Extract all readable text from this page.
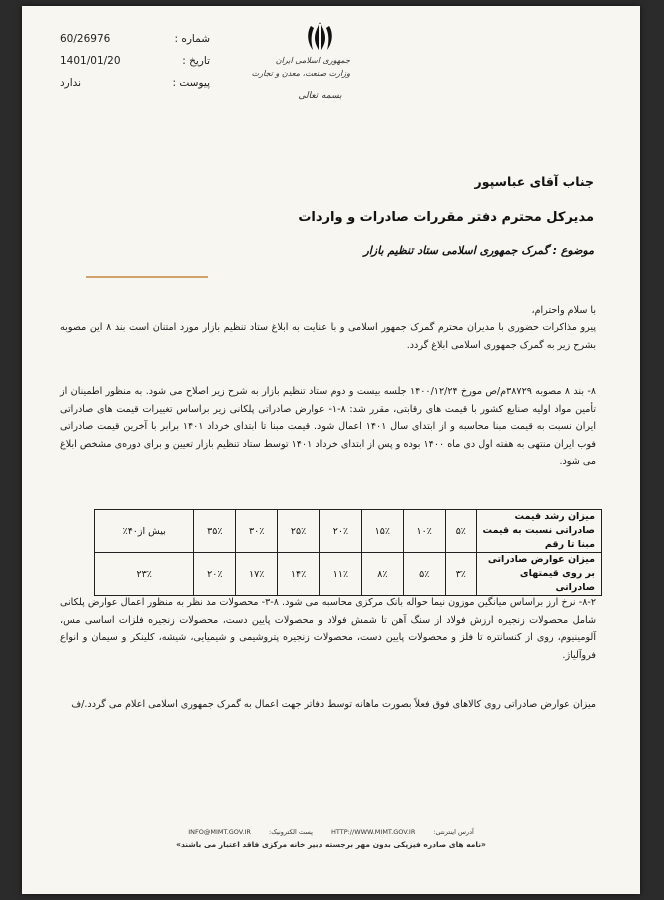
شماره :
60/26976
تاریخ :
1401/01/20
پیوست :
ندارد
جمهوری اسلامی ایران
وزارت صنعت، معدن و تجارت
بسمه تعالی
جناب آقای عباسپور
مدیرکل محترم دفتر مقررات صادرات و واردات
موضوع : گمرک جمهوری اسلامی ستاد تنظیم بازار
با سلام واحترام،
پیرو مذاکرات حضوری با مدیران محترم گمرک جمهور اسلامی و با عنایت به ابلاغ ستاد تنظیم بازار مورد امتنان است بند ۸ این مصوبه بشرح زیر به گمرک جمهوری اسلامی ابلاغ گردد.
۸- بند ۸ مصوبه ۳۸۷۲۹م/ص مورخ ۱۴۰۰/۱۲/۲۴ جلسه بیست و دوم ستاد تنظیم بازار به شرح زیر اصلاح می شود. به منظور اطمینان از تأمین مواد اولیه صنایع کشور با قیمت های رقابتی، مقرر شد: ۸-۱- عوارض صادراتی پلکانی زیر براساس تغییرات قیمت های صادراتی ایران نسبت به قیمت مبنا محاسبه و از ابتدای سال ۱۴۰۱ اعمال شود. قیمت مبنا تا ابتدای خرداد ۱۴۰۱ برابر با آخرین قیمت صادراتی فوب ایران منتهی به هفته اول دی ماه ۱۴۰۰ بوده و پس از ابتدای خرداد ۱۴۰۱ توسط ستاد تنظیم بازار تعیین و برای دوره‌ی مشخص ابلاغ می شود.
میزان رشد قیمت صادراتی نسبت به قیمت مبنا تا رقم	۵٪	۱۰٪	۱۵٪	۲۰٪	۲۵٪	۳۰٪	۳۵٪	بیش از۴۰٪
میزان عوارض صادراتی بر روی قیمتهای صادراتی	۳٪	۵٪	۸٪	۱۱٪	۱۴٪	۱۷٪	۲۰٪	۲۳٪
۸-۲- نرخ ارز براساس میانگین موزون نیما حواله بانک مرکزی محاسبه می شود. ۸-۳- محصولات مد نظر به منظور اعمال عوارض پلکانی شامل محصولات زنجیره ارزش فولاد از سنگ آهن تا شمش فولاد و محصولات پایین دست، محصولات زنجیره فلزات اساسی مس، آلومینیوم، روی از کنسانتره تا فلز و محصولات پایین دست، محصولات زنجیره پتروشیمی و شیمیایی، شیشه، کلینکر و سیمان و انواع فروآلیاژ.
میزان عوارض صادراتی روی کالاهای فوق فعلاً بصورت ماهانه توسط دفاتر جهت اعمال به گمرک جمهوری اسلامی اعلام می گردد./ف
آدرس اینترنتی: HTTP://WWW.MIMT.GOV.IR پست الکترونیک: INFO@MIMT.GOV.IR
«نامه های صادره فیزیکی بدون مهر برجسته دبیر خانه مرکزی فاقد اعتبار می باشند»
